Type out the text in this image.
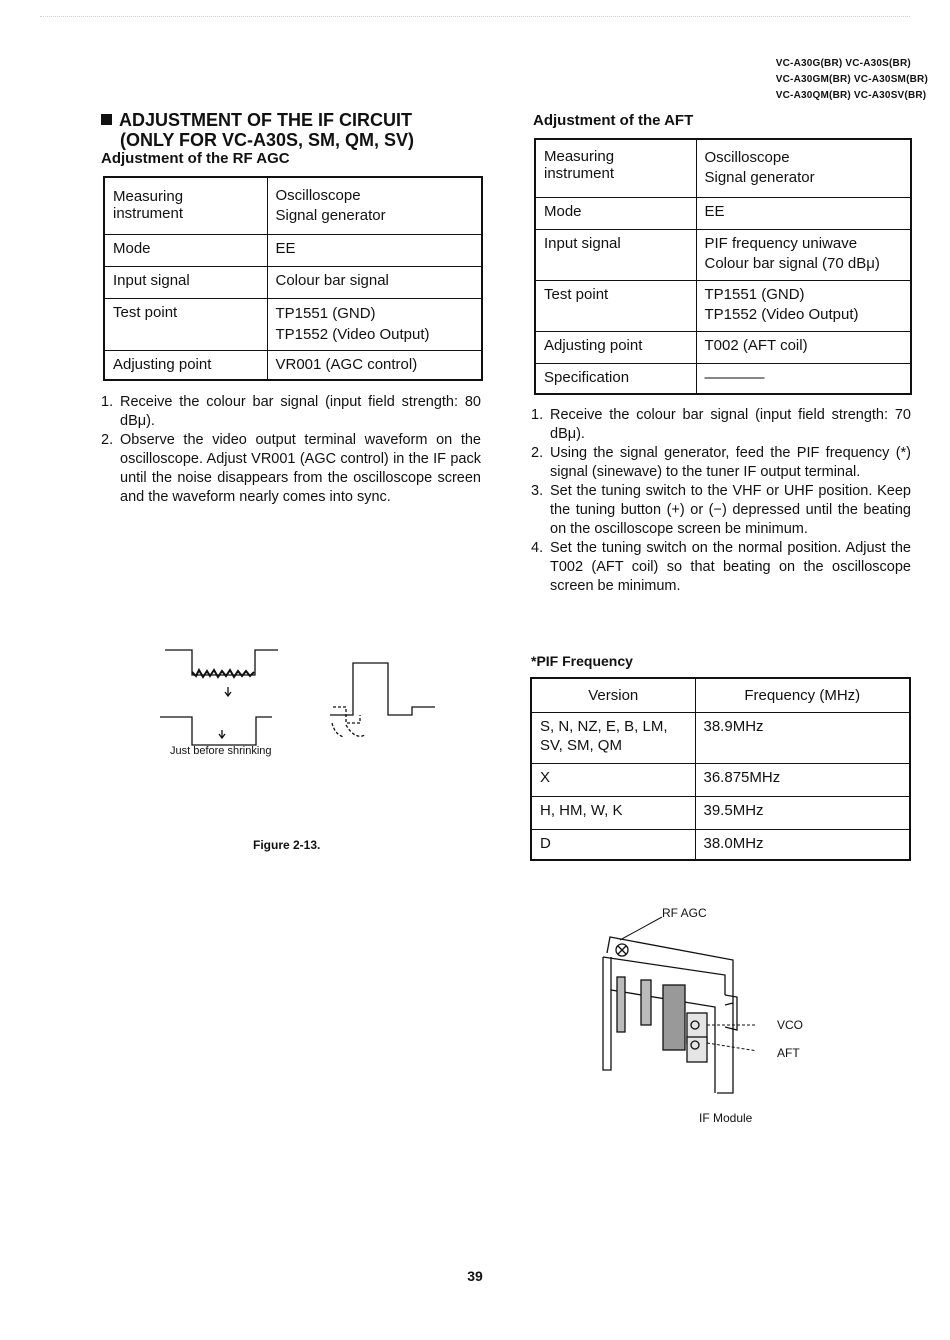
VC-A30G(BR) VC-A30S(BR)
VC-A30GM(BR) VC-A30SM(BR)
VC-A30QM(BR) VC-A30SV(BR)
ADJUSTMENT OF THE IF CIRCUIT
(ONLY FOR VC-A30S, SM, QM, SV)
Adjustment of the RF AGC
Measuring
instrument	Oscilloscope
Signal generator

Mode	EE
Input signal	Colour bar signal
Test point	TP1551 (GND)
TP1552 (Video Output)
Adjusting point	VR001 (AGC control)
1. Receive the colour bar signal (input field strength: 80 dBμ).
2. Observe the video output terminal waveform on the oscilloscope. Adjust VR001 (AGC control) in the IF pack until the noise disappears from the oscilloscope screen and the waveform nearly comes into sync.
Just before shrinking
Figure 2-13.
Adjustment of the AFT
Measuring
instrument	Oscilloscope
Signal generator

Mode	EE
Input signal	PIF frequency uniwave
Colour bar signal (70 dBμ)
Test point	TP1551 (GND)
TP1552 (Video Output)
Adjusting point	T002 (AFT coil)
Specification	————
1. Receive the colour bar signal (input field strength: 70 dBμ).
2. Using the signal generator, feed the PIF frequency (*) signal (sinewave) to the tuner IF output terminal.
3. Set the tuning switch to the VHF or UHF position. Keep the tuning button (+) or (−) depressed until the beating on the oscilloscope screen be minimum.
4. Set the tuning switch on the normal position. Adjust the T002 (AFT coil) so that beating on the oscilloscope screen be minimum.
*PIF Frequency
Version	Frequency (MHz)
S, N, NZ, E, B, LM,
SV, SM, QM	38.9MHz
X	36.875MHz
H, HM, W, K	39.5MHz
D	38.0MHz
RF AGC
VCO
AFT
IF Module
39
